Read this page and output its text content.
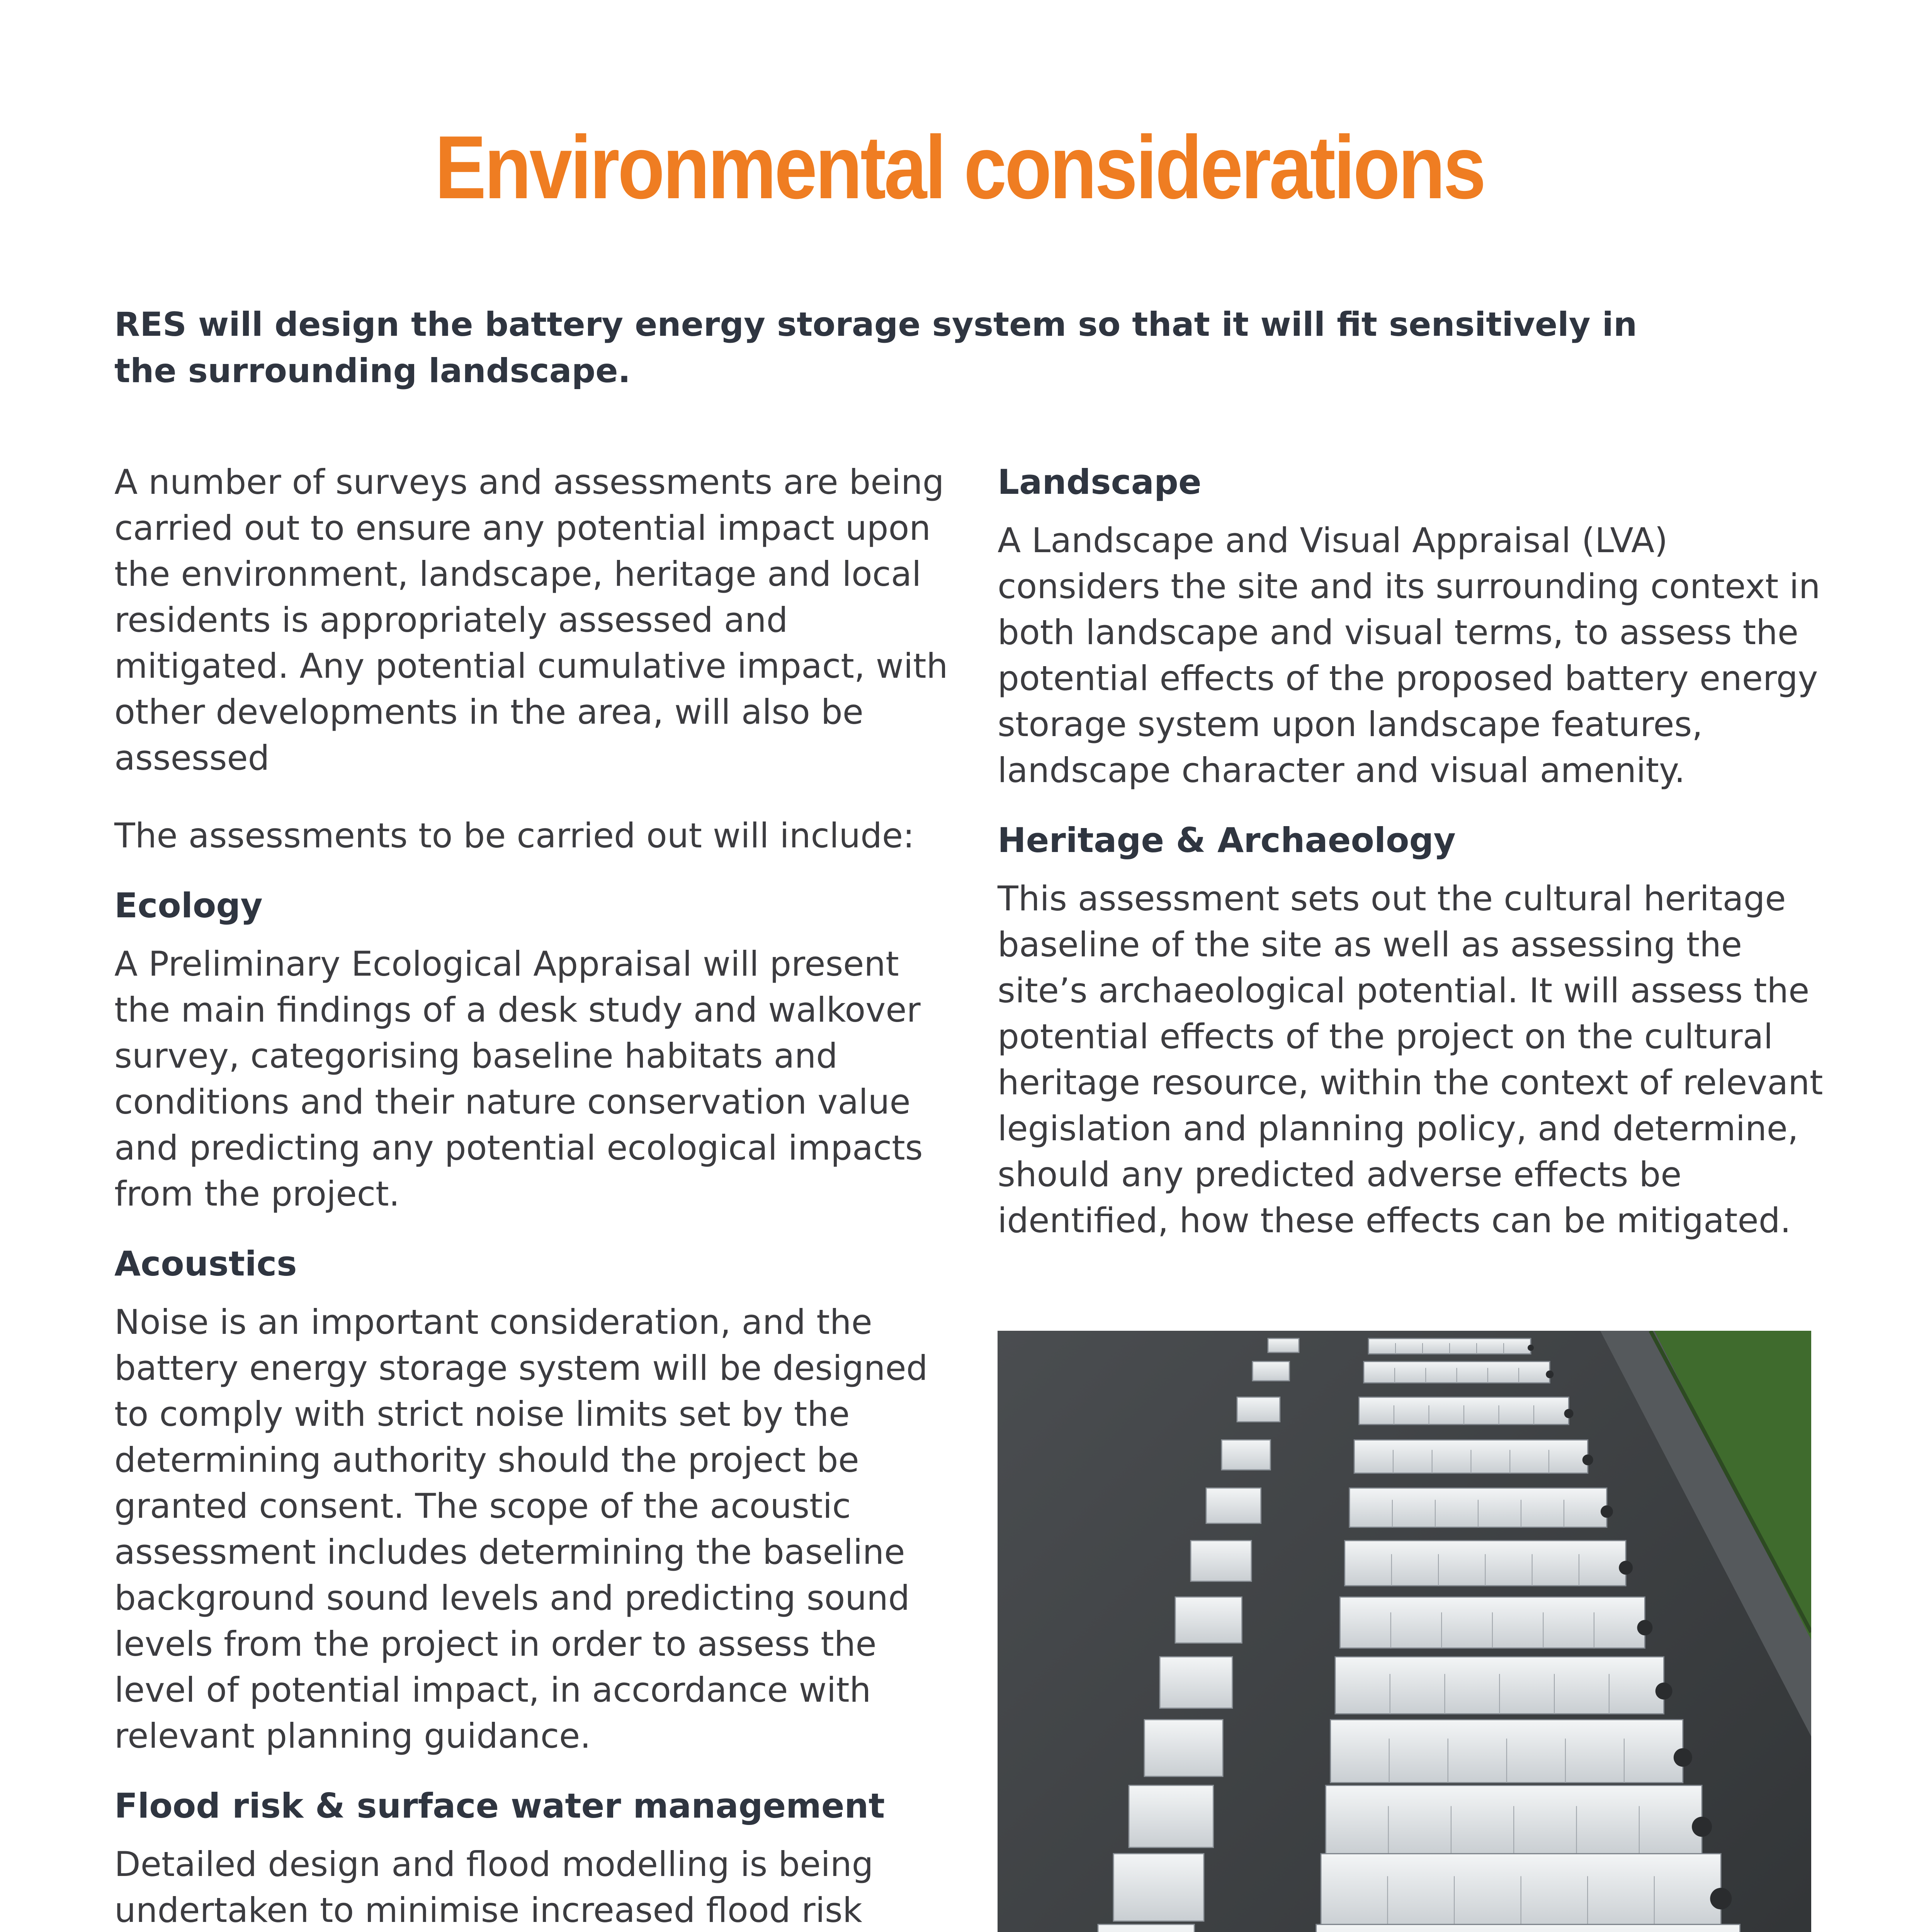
Environmental considerations
RES will design the battery energy storage system so that it will fit sensitively in the surrounding landscape.

A number of surveys and assessments are being carried out to ensure any potential impact upon the environment, landscape, heritage and local residents is appropriately assessed and mitigated. Any potential cumulative impact, with other developments in the area, will also be assessed

The assessments to be carried out will include:

Ecology

A Preliminary Ecological Appraisal will present the main findings of a desk study and walkover survey, categorising baseline habitats and conditions and their nature conservation value and predicting any potential ecological impacts from the project.

Acoustics

Noise is an important consideration, and the battery energy storage system will be designed to comply with strict noise limits set by the determining authority should the project be granted consent. The scope of the acoustic assessment includes determining the baseline background sound levels and predicting sound levels from the project in order to assess the level of potential impact, in accordance with relevant planning guidance.

Flood risk & surface water management

Detailed design and flood modelling is being undertaken to minimise increased flood risk

Landscape

A Landscape and Visual Appraisal (LVA) considers the site and its surrounding context in both landscape and visual terms, to assess the potential effects of the proposed battery energy storage system upon landscape features, landscape character and visual amenity.

Heritage & Archaeology

This assessment sets out the cultural heritage baseline of the site as well as assessing the site’s archaeological potential. It will assess the potential effects of the project on the cultural heritage resource, within the context of relevant legislation and planning policy, and determine, should any predicted adverse effects be identified, how these effects can be mitigated.
